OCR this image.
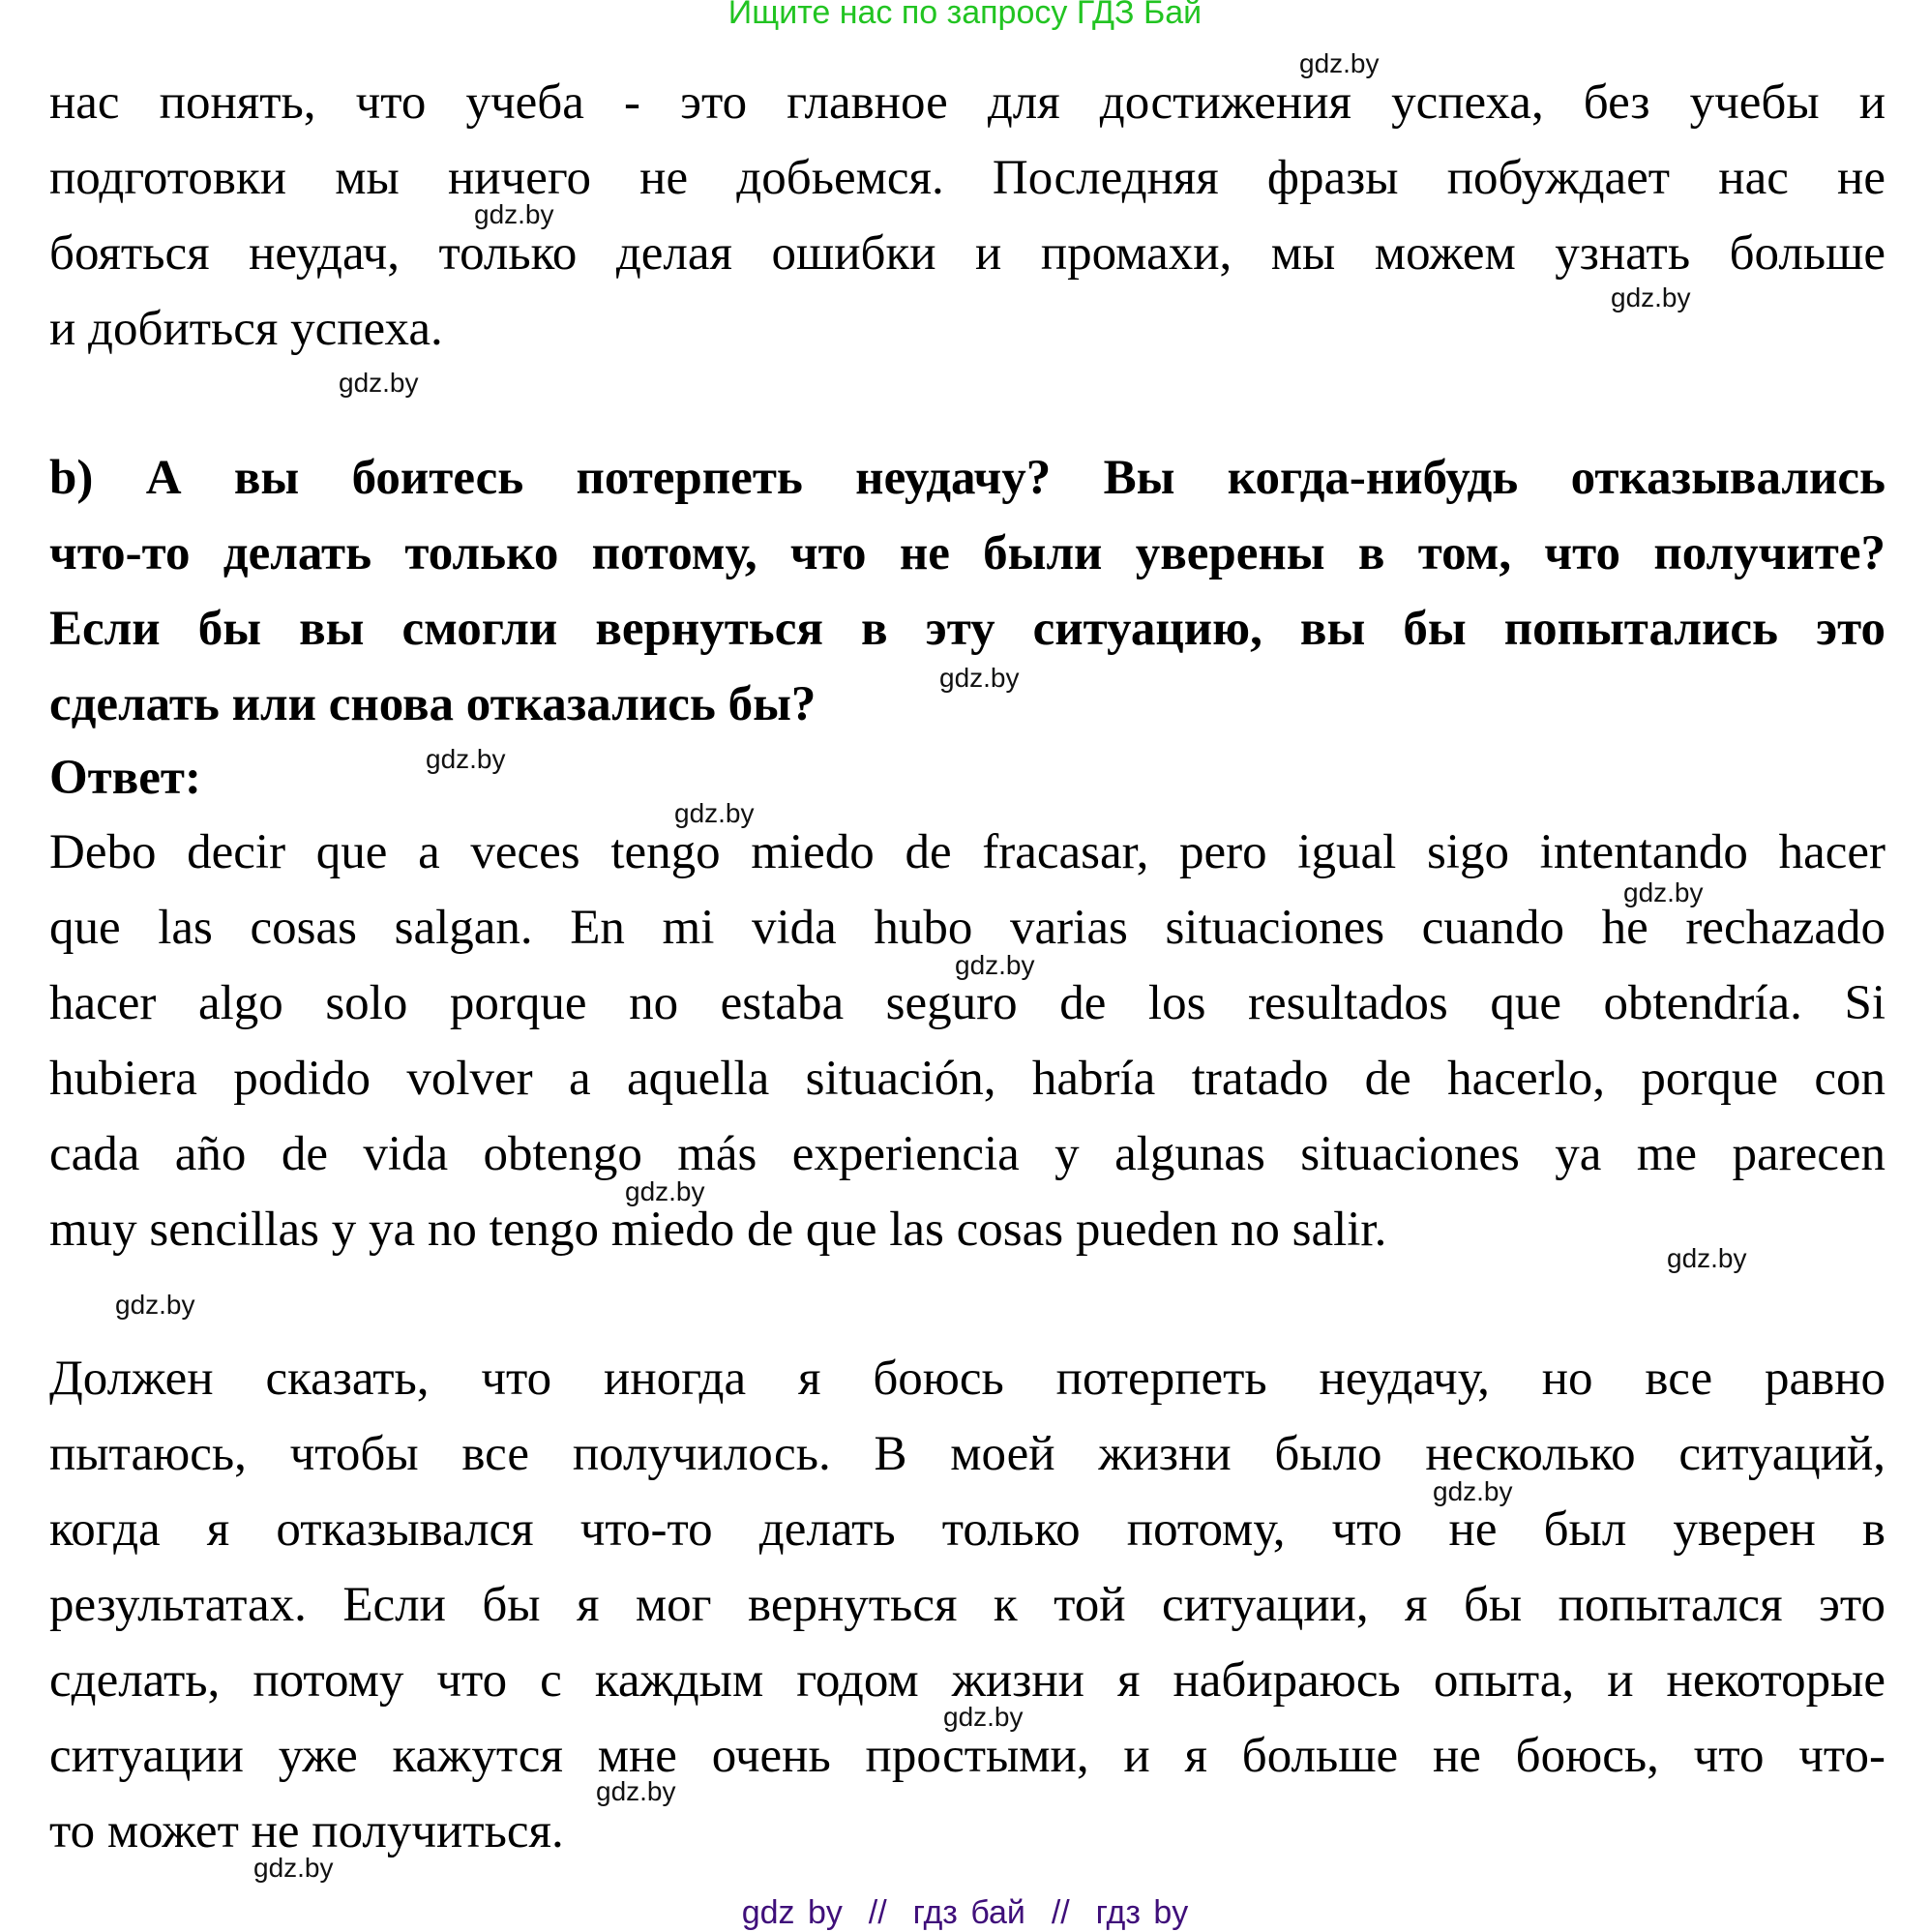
Ищите нас по запросу ГДЗ Бай
нас понять, что учеба - это главное для достижения успеха, без учебы и
подготовки мы ничего не добьемся. Последняя фразы побуждает нас не
бояться неудач, только делая ошибки и промахи, мы можем узнать больше
и добиться успеха.
b) А вы боитесь потерпеть неудачу? Вы когда-нибудь отказывались
что-то делать только потому, что не были уверены в том, что получите?
Если бы вы смогли вернуться в эту ситуацию, вы бы попытались это
сделать или снова отказались бы?
Ответ:
Debo decir que a veces tengo miedo de fracasar, pero igual sigo intentando hacer
que las cosas salgan. En mi vida hubo varias situaciones cuando he rechazado
hacer algo solo porque no estaba seguro de los resultados que obtendría. Si
hubiera podido volver a aquella situación, habría tratado de hacerlo, porque con
cada año de vida obtengo más experiencia y algunas situaciones ya me parecen
muy sencillas y ya no tengo miedo de que las cosas pueden no salir.
Должен сказать, что иногда я боюсь потерпеть неудачу, но все равно
пытаюсь, чтобы все получилось. В моей жизни было несколько ситуаций,
когда я отказывался что-то делать только потому, что не был уверен в
результатах. Если бы я мог вернуться к той ситуации, я бы попытался это
сделать, потому что с каждым годом жизни я набираюсь опыта, и некоторые
ситуации уже кажутся мне очень простыми, и я больше не боюсь, что что-
то может не получиться.
gdz.by
gdz.by
gdz.by
gdz.by
gdz.by
gdz.by
gdz.by
gdz.by
gdz.by
gdz.by
gdz.by
gdz.by
gdz.by
gdz.by
gdz.by
gdz.by
gdz by  //  гдз бай  //  гдз by
